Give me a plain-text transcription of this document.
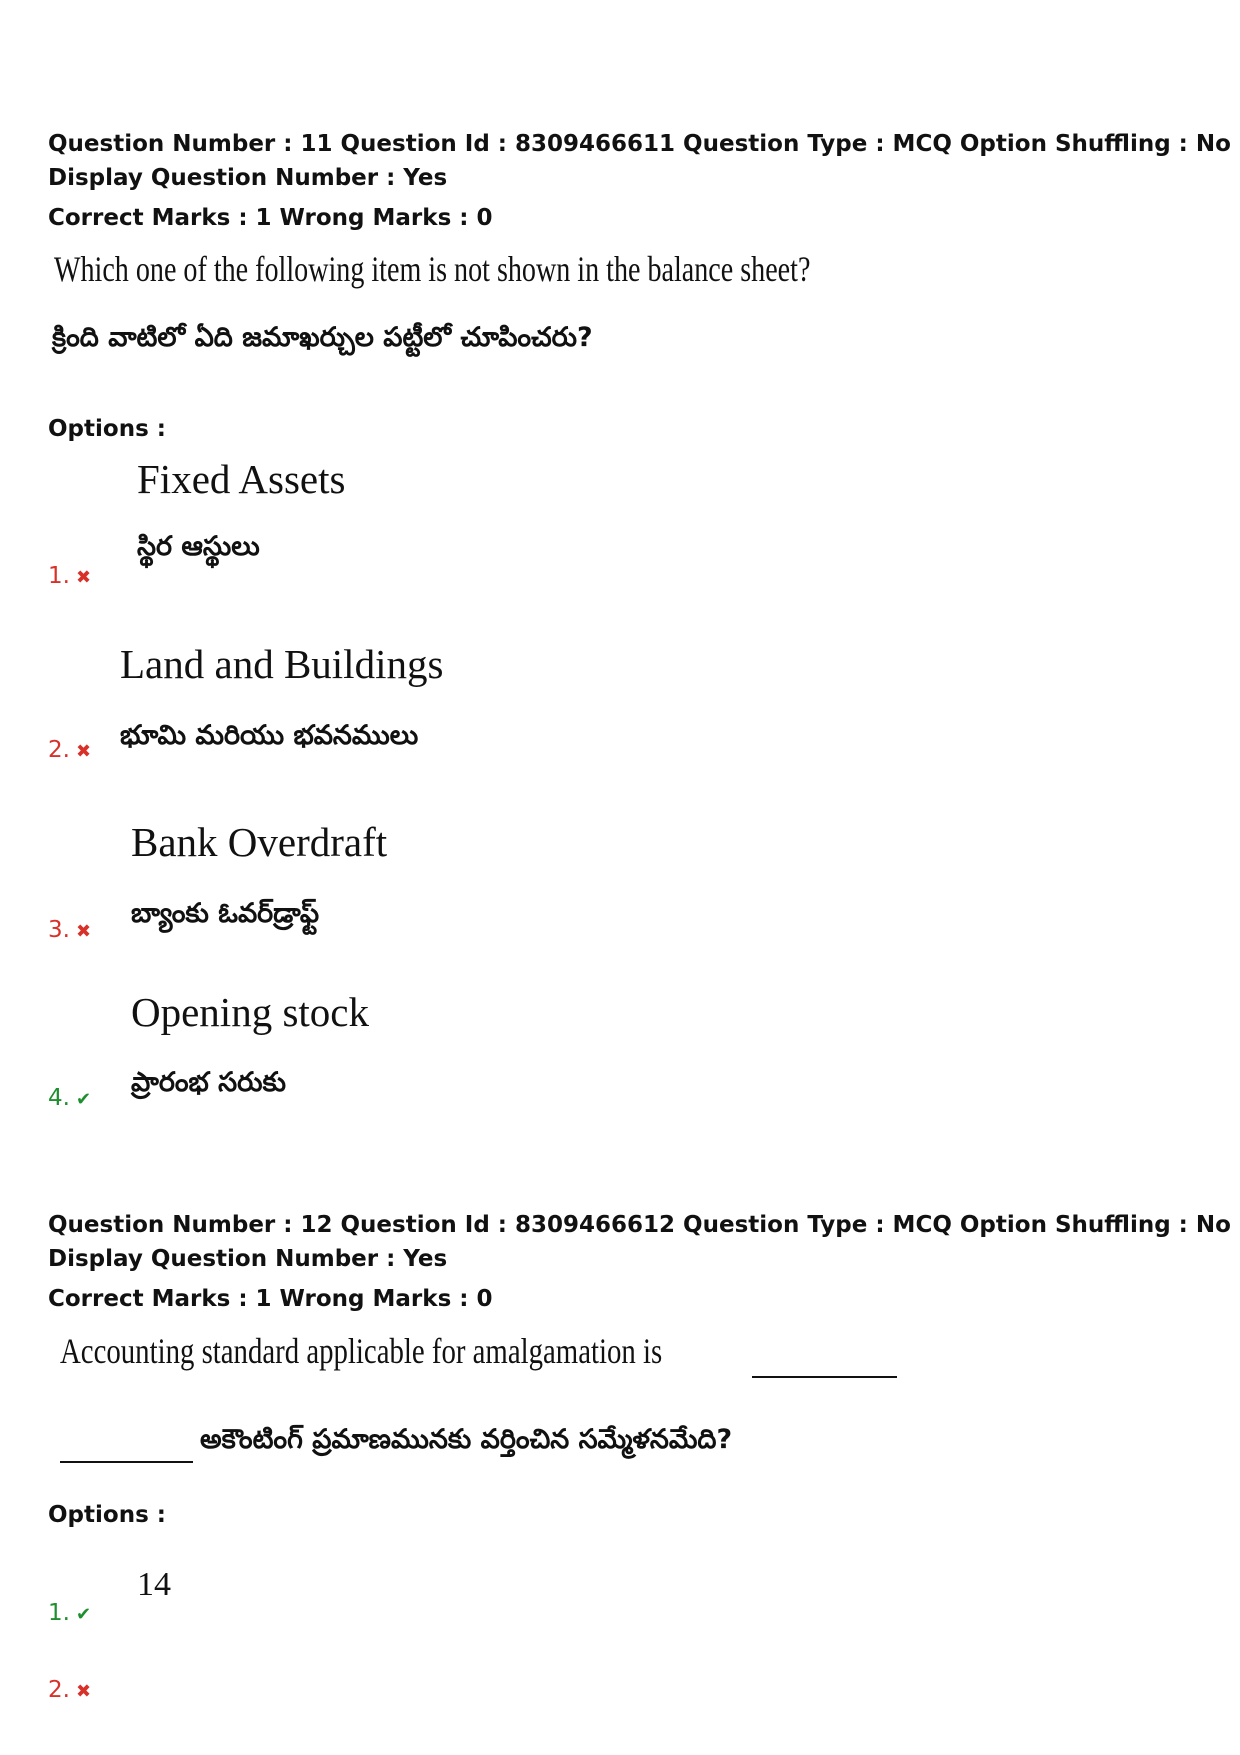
Question Number : 11 Question Id : 8309466611 Question Type : MCQ Option Shuffling : No
Display Question Number : Yes
Correct Marks : 1 Wrong Marks : 0
Which one of the following item is not shown in the balance sheet?
క్రింది వాటిలో ఏది జమాఖర్చుల పట్టీలో చూపించరు?
Options :
Fixed Assets
స్థిర ఆస్థులు
1. ✖
Land and Buildings
భూమి మరియు భవనములు
2. ✖
Bank Overdraft
బ్యాంకు ఓవర్‌డ్రాఫ్ట్
3. ✖
Opening stock
ప్రారంభ సరుకు
4. ✔
Question Number : 12 Question Id : 8309466612 Question Type : MCQ Option Shuffling : No
Display Question Number : Yes
Correct Marks : 1 Wrong Marks : 0
Accounting standard applicable for amalgamation is
అకౌంటింగ్ ప్రమాణమునకు వర్తించిన సమ్మేళనమేది?
Options :
14
1. ✔
2. ✖
